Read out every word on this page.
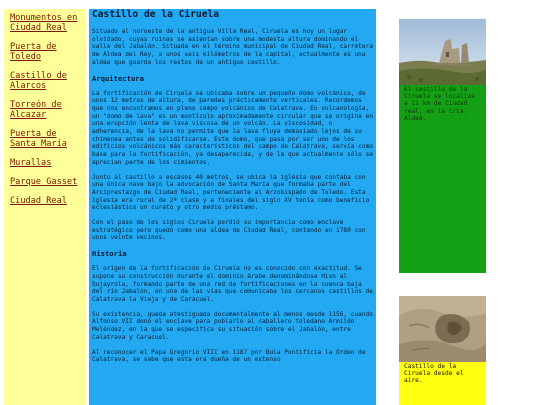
Monumentos en Ciudad Real
Puerta de Toledo
Castillo de Alarcos
Torreón de Alcazar
Puerta de Santa María
Murallas
Parque Gasset
Ciudad Real
Castillo de la Ciruela

Situado al noroeste de la antigua Villa Real, Ciruela es hoy un lugar olvidado, cuyas ruinas se asientan sobre una modesta altura dominando el valle del Jabalón. Situada en el término municipal de Ciudad Real, carretera de Aldea del Rey, a unos seis kilómetros de la capital, actualmente es una aldea que guarda los restos de un antiguo castillo.

Arquitectura

La fortificación de Ciruela se ubicaba sobre un pequeño domo volcánico, de unos 12 metros de altura, de paredes prácticamente verticales. Recordemos que nos encontramos en pleno campo volcánico de Calatrava. En vulcanología, un "domo de lava" es un montículo aproximadamente circular que se origina en una erupción lenta de lava viscosa de un volcán. La viscosidad, o adherencia, de la lava no permite que la lava fluya demasiado lejos de su chimenea antes de solidificarse. Este domo, que pasa por ser uno de los edificios volcánicos más característicos del campo de Calatrava, servía como base para la fortificación, ya desaparecida, y de la que actualmente sólo se aprecian parte de los cimientos.

Junto al castillo a escasos 40 metros, se ubica la iglesia que contaba con una única nave bajo la advocación de Santa María que formaba parte del Arciprestazgo de Ciudad Real, perteneciente al Arzobispado de Toledo. Esta iglesia era rural de 2ª clase y a finales del siglo XV tenía como beneficio eclesiástico un curato y otro medio préstamo.

Con el paso de los siglos Ciruela perdió su importancia como enclave estratégico pero quedó como una aldea de Ciudad Real, contando en 1780 con unos veinte vecinos.

Historia

El origen de la fortificación de Ciruela no es conocido con exactitud. Se supone su construcción durante el dominio árabe denominándose Hisn al Sujayrola, formando parte de una red de fortificaciones en la cuenca baja del río Jabalón, en una de las vías que comunicaba los cercanos castillos de Calatrava la Vieja y de Caracuel.

Su existencia, queda atestiguada documentalmente al menos desde 1156, cuando Alfonso VII donó el enclave para poblarlo al caballero toledano Armildo Meléndez, en la que se especifica su situación sobre el Jabalón, entre Calatrava y Caracuel.

Al reconocer el Papa Gregorio VIII en 1187 por Bula Pontificia la Orden de Calatrava, se sabe que esta era dueña de un extenso

El castillo de la Ciruela se localiza a 11 km de Ciudad real, en la Crta. Aldea.
Castillo de la Ciruela desde el aire.
